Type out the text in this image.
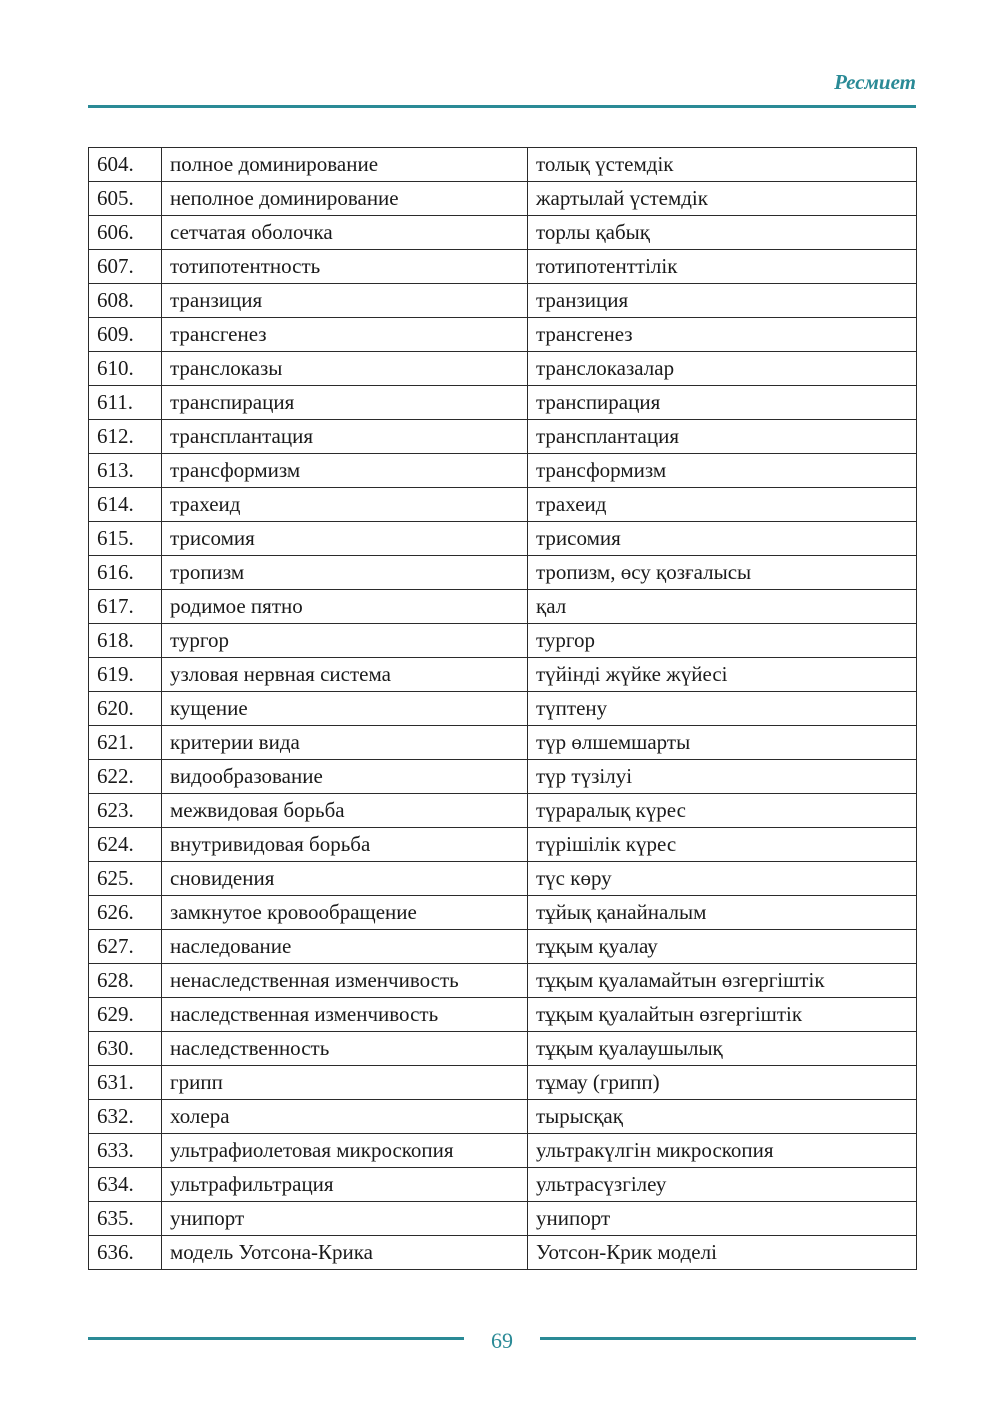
Ресмиет
604.	полное доминирование	толық үстемдік
605.	неполное доминирование	жартылай үстемдік
606.	сетчатая оболочка	торлы қабық
607.	тотипотентность	тотипотенттілік
608.	транзиция	транзиция
609.	трансгенез	трансгенез
610.	транслоказы	транслоказалар
611.	транспирация	транспирация
612.	трансплантация	трансплантация
613.	трансформизм	трансформизм
614.	трахеид	трахеид
615.	трисомия	трисомия
616.	тропизм	тропизм, өсу қозғалысы
617.	родимое пятно	қал
618.	тургор	тургор
619.	узловая нервная система	түйінді жүйке жүйесі
620.	кущение	түптену
621.	критерии вида	түр өлшемшарты
622.	видообразование	түр түзілуі
623.	межвидовая борьба	түраралық күрес
624.	внутривидовая борьба	түрішілік күрес
625.	сновидения	түс көру
626.	замкнутое кровообращение	тұйық қанайналым
627.	наследование	тұқым қуалау
628.	ненаследственная изменчивость	тұқым қуаламайтын өзгергіштік
629.	наследственная изменчивость	тұқым қуалайтын өзгергіштік
630.	наследственность	тұқым қуалаушылық
631.	грипп	тұмау (грипп)
632.	холера	тырысқақ
633.	ультрафиолетовая микроскопия	ультракүлгін микроскопия
634.	ультрафильтрация	ультрасүзгілеу
635.	унипорт	унипорт
636.	модель Уотсона-Крика	Уотсон-Крик моделі
69
